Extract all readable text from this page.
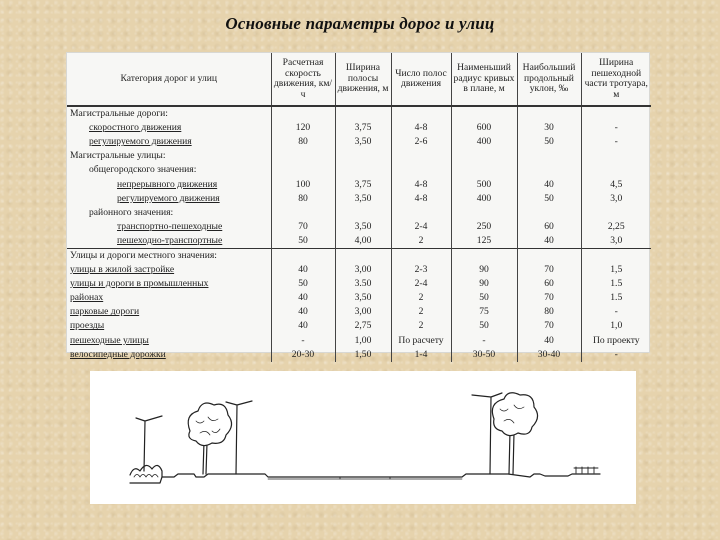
Основные параметры дорог и улиц
Категория дорог и улиц	Расчетная скорость движения, км/ч	Ширина полосы движения, м	Число полос движения	Наименьший радиус кривых в плане, м	Наибольший продольный уклон, ‰	Ширина пешеходной части тротуара, м
Магистральные дороги:						
скоростного движения	120	3,75	4-8	600	30	-
регулируемого движения	80	3,50	2-6	400	50	-
Магистральные улицы:						
общегородского значения:						
непрерывного движения	100	3,75	4-8	500	40	4,5
регулируемого движения	80	3,50	4-8	400	50	3,0
районного значения:						
транспортно-пешеходные	70	3,50	2-4	250	60	2,25
пешеходно-транспортные	50	4,00	2	125	40	3,0
Улицы и дороги местного значения:						
улицы в жилой застройке	40	3,00	2-3	90	70	1,5
улицы и дороги в промышленных	50	3.50	2-4	90	60	1.5
районах	40	3,50	2	50	70	1.5
парковые дороги	40	3,00	2	75	80	-
проезды	40	2,75	2	50	70	1,0
пешеходные улицы	-	1,00	По расчету	-	40	По проекту
велосипедные дорожки	20-30	1,50	1-4	30-50	30-40	-
